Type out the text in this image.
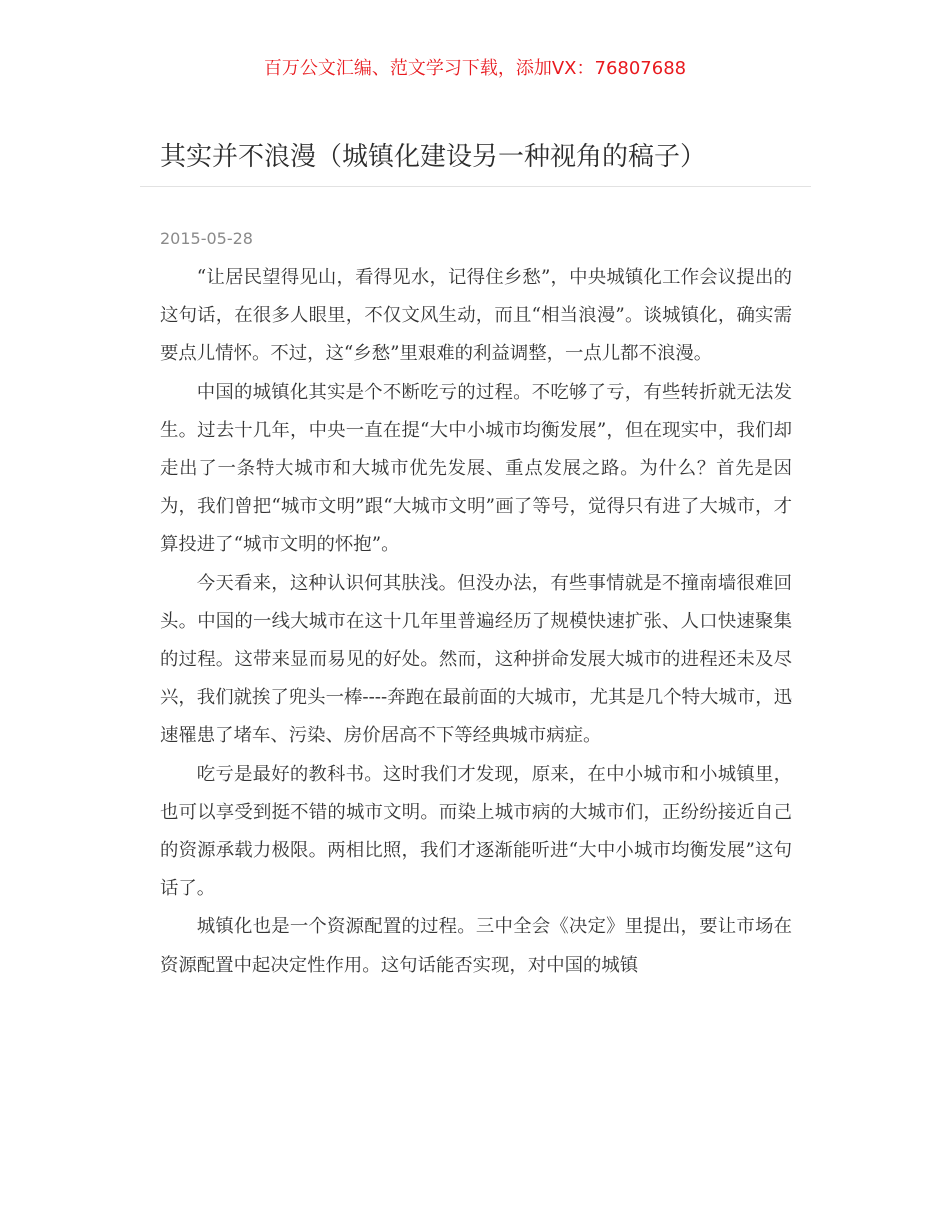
百万公文汇编、范文学习下载，添加VX：76807688
其实并不浪漫（城镇化建设另一种视角的稿子）
2015-05-28

“让居民望得见山，看得见水，记得住乡愁”，中央城镇化工作会议提出的这句话，在很多人眼里，不仅文风生动，而且“相当浪漫”。谈城镇化，确实需要点儿情怀。不过，这“乡愁”里艰难的利益调整，一点儿都不浪漫。

中国的城镇化其实是个不断吃亏的过程。不吃够了亏，有些转折就无法发生。过去十几年，中央一直在提“大中小城市均衡发展”，但在现实中，我们却走出了一条特大城市和大城市优先发展、重点发展之路。为什么？首先是因为，我们曾把“城市文明”跟“大城市文明”画了等号，觉得只有进了大城市，才算投进了“城市文明的怀抱”。

今天看来，这种认识何其肤浅。但没办法，有些事情就是不撞南墙很难回头。中国的一线大城市在这十几年里普遍经历了规模快速扩张、人口快速聚集的过程。这带来显而易见的好处。然而，这种拼命发展大城市的进程还未及尽兴，我们就挨了兜头一棒----奔跑在最前面的大城市，尤其是几个特大城市，迅速罹患了堵车、污染、房价居高不下等经典城市病症。

吃亏是最好的教科书。这时我们才发现，原来，在中小城市和小城镇里，也可以享受到挺不错的城市文明。而染上城市病的大城市们，正纷纷接近自己的资源承载力极限。两相比照，我们才逐渐能听进“大中小城市均衡发展”这句话了。

城镇化也是一个资源配置的过程。三中全会《决定》里提出，要让市场在资源配置中起决定性作用。这句话能否实现，对中国的城镇
